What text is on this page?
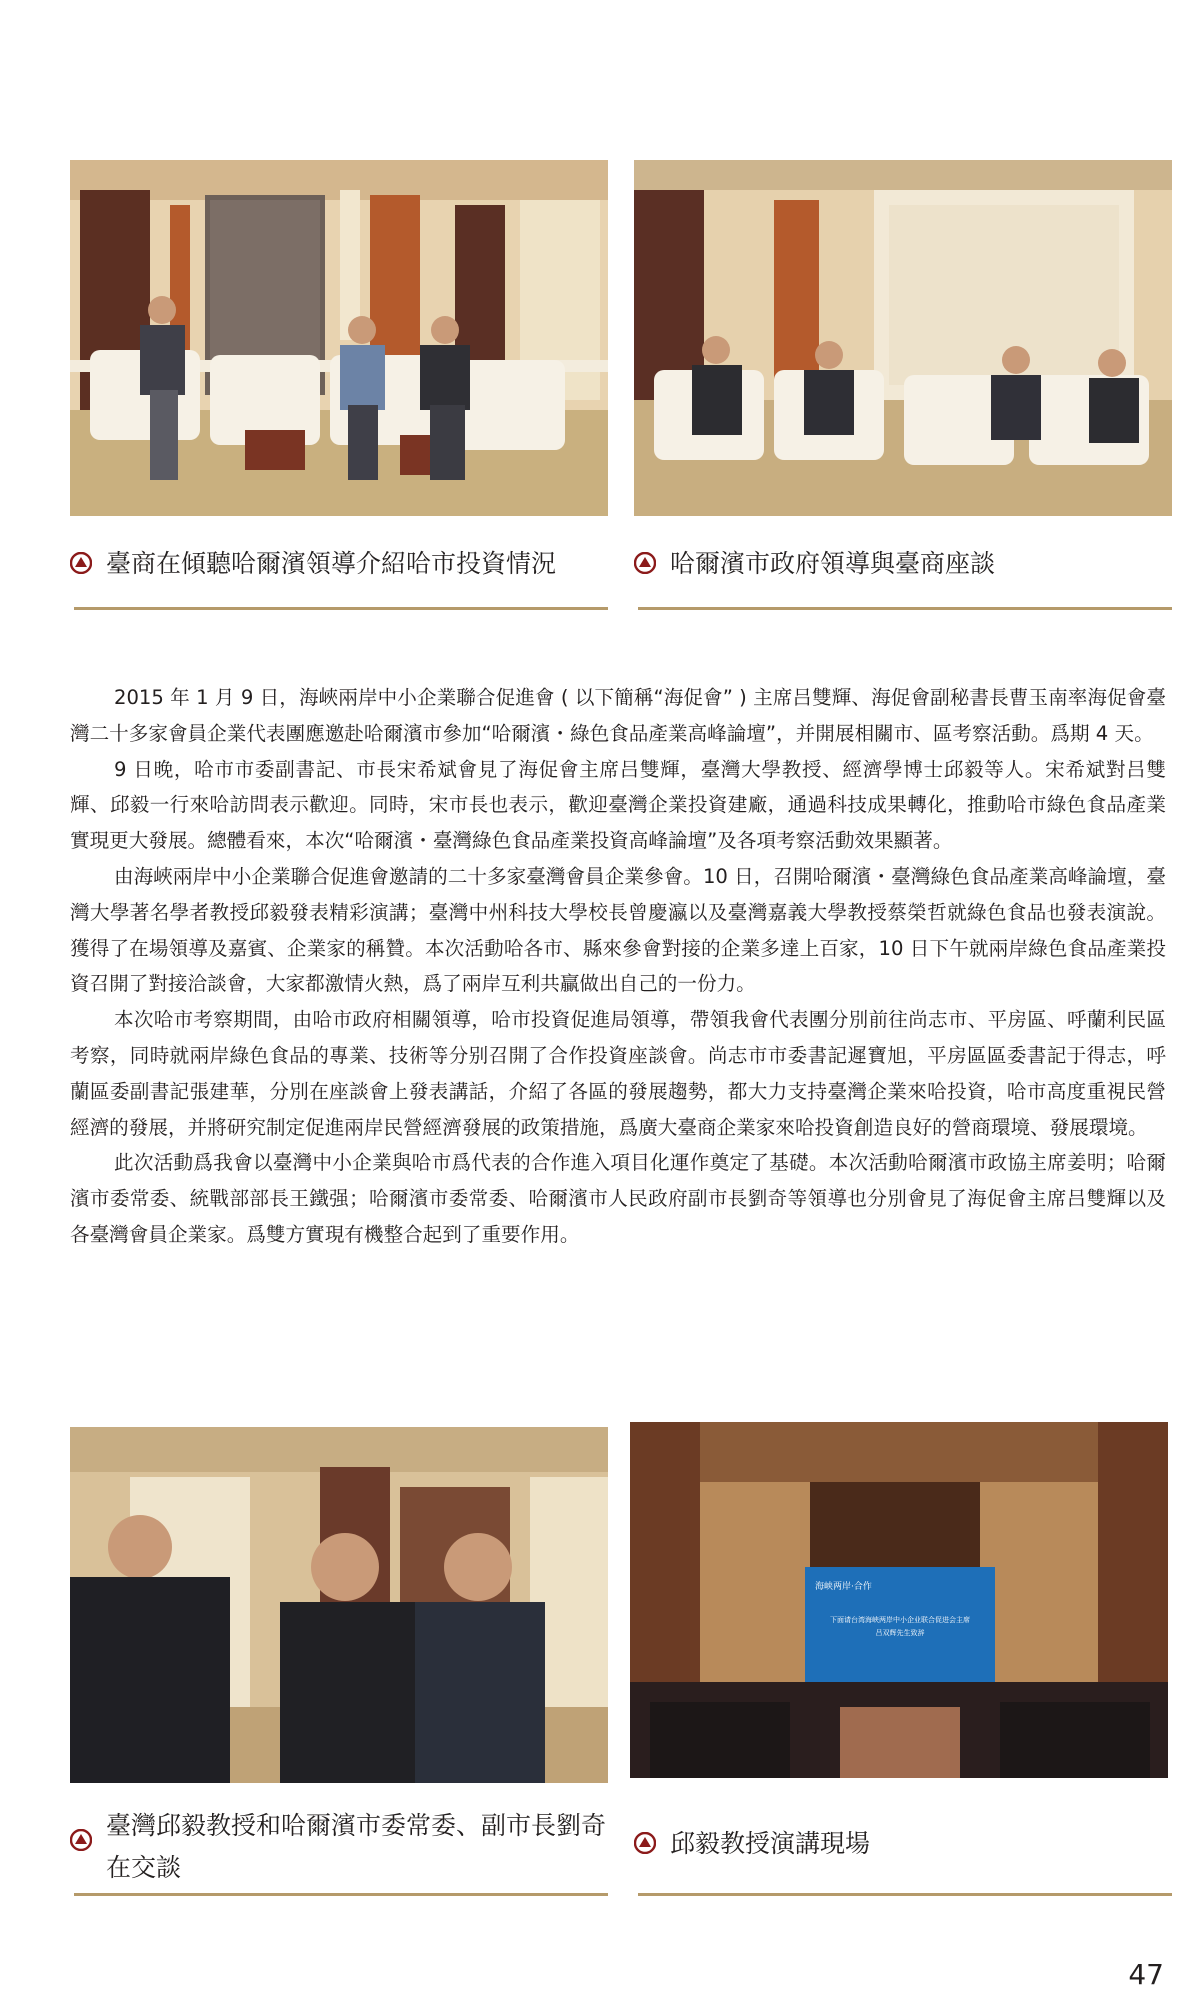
臺商在傾聽哈爾濱領導介紹哈市投資情況	哈爾濱市政府領導與臺商座談

2015 年 1 月 9 日，海峽兩岸中小企業聯合促進會 ( 以下簡稱“海促會” ) 主席吕雙輝、海促會副秘書長曹玉南率海促會臺灣二十多家會員企業代表團應邀赴哈爾濱市參加“哈爾濱・綠色食品產業高峰論壇”，并開展相關市、區考察活動。爲期 4 天。

9 日晚，哈市市委副書記、市長宋希斌會見了海促會主席吕雙輝，臺灣大學教授、經濟學博士邱毅等人。宋希斌對吕雙輝、邱毅一行來哈訪問表示歡迎。同時，宋市長也表示，歡迎臺灣企業投資建廠，通過科技成果轉化，推動哈市綠色食品產業實現更大發展。總體看來，本次“哈爾濱・臺灣綠色食品產業投資高峰論壇”及各項考察活動效果顯著。

由海峽兩岸中小企業聯合促進會邀請的二十多家臺灣會員企業參會。10 日，召開哈爾濱・臺灣綠色食品產業高峰論壇，臺灣大學著名學者教授邱毅發表精彩演講；臺灣中州科技大學校長曾慶瀛以及臺灣嘉義大學教授蔡榮哲就綠色食品也發表演說。獲得了在場領導及嘉賓、企業家的稱贊。本次活動哈各市、縣來參會對接的企業多達上百家，10 日下午就兩岸綠色食品產業投資召開了對接洽談會，大家都激情火熱，爲了兩岸互利共贏做出自己的一份力。

本次哈市考察期間，由哈市政府相關領導，哈市投資促進局領導，帶領我會代表團分別前往尚志市、平房區、呼蘭利民區考察，同時就兩岸綠色食品的專業、技術等分别召開了合作投資座談會。尚志市市委書記遲寶旭，平房區區委書記于得志，呼蘭區委副書記張建華，分別在座談會上發表講話，介紹了各區的發展趨勢，都大力支持臺灣企業來哈投資，哈市高度重視民營經濟的發展，并將研究制定促進兩岸民營經濟發展的政策措施，爲廣大臺商企業家來哈投資創造良好的營商環境、發展環境。

此次活動爲我會以臺灣中小企業與哈市爲代表的合作進入項目化運作奠定了基礎。本次活動哈爾濱市政協主席姜明；哈爾濱市委常委、統戰部部長王鐵强；哈爾濱市委常委、哈爾濱市人民政府副市長劉奇等領導也分別會見了海促會主席吕雙輝以及各臺灣會員企業家。爲雙方實現有機整合起到了重要作用。

海峡两岸·合作
下面请台湾海峡两岸中小企业联合促进会主席
吕双辉先生致辞
臺灣邱毅教授和哈爾濱市委常委、副市長劉奇在交談
邱毅教授演講現場
47
